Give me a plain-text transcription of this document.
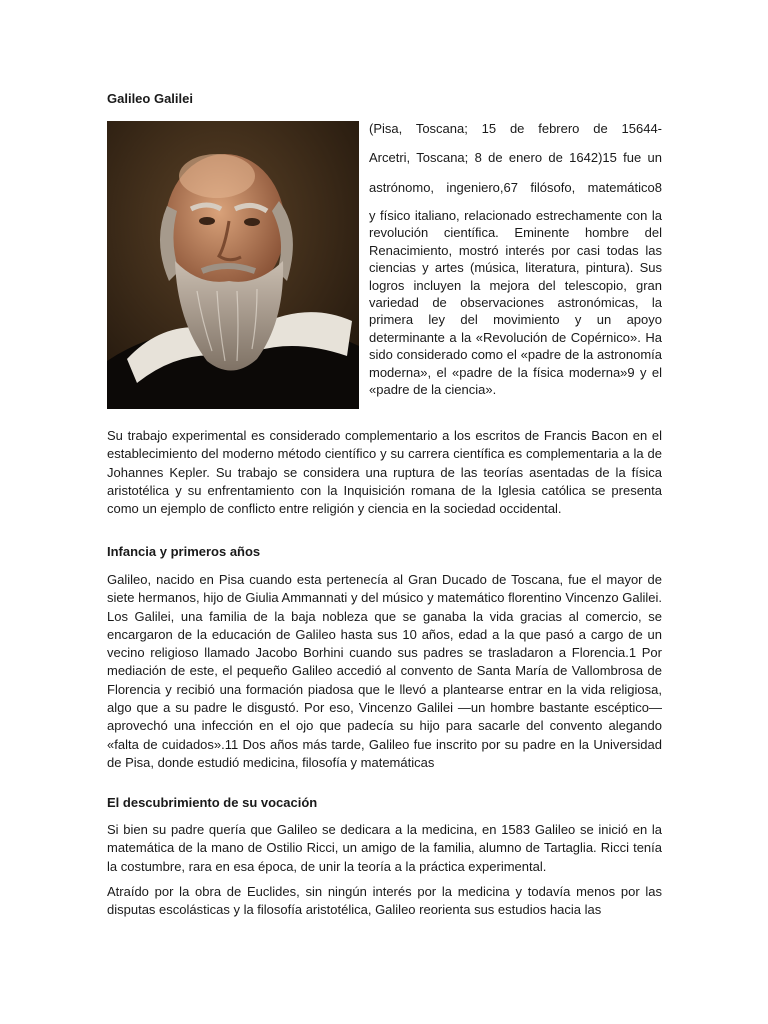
Galileo Galilei

(Pisa, Toscana; 15 de febrero de 15644-

Arcetri, Toscana; 8 de enero de 1642)15 fue un

astrónomo, ingeniero,67 filósofo, matemático8

y físico italiano, relacionado estrechamente con la revolución científica. Eminente hombre del Renacimiento, mostró interés por casi todas las ciencias y artes (música, literatura, pintura). Sus logros incluyen la mejora del telescopio, gran variedad de observaciones astronómicas, la primera ley del movimiento y un apoyo determinante a la «Revolución de Copérnico». Ha sido considerado como el «padre de la astronomía moderna», el «padre de la física moderna»9 y el «padre de la ciencia».

Su trabajo experimental es considerado complementario a los escritos de Francis Bacon en el establecimiento del moderno método científico y su carrera científica es complementaria a la de Johannes Kepler. Su trabajo se considera una ruptura de las teorías asentadas de la física aristotélica y su enfrentamiento con la Inquisición romana de la Iglesia católica se presenta como un ejemplo de conflicto entre religión y ciencia en la sociedad occidental.

Infancia y primeros años

Galileo, nacido en Pisa cuando esta pertenecía al Gran Ducado de Toscana, fue el mayor de siete hermanos, hijo de Giulia Ammannati y del músico y matemático florentino Vincenzo Galilei. Los Galilei, una familia de la baja nobleza que se ganaba la vida gracias al comercio, se encargaron de la educación de Galileo hasta sus 10 años, edad a la que pasó a cargo de un vecino religioso llamado Jacobo Borhini cuando sus padres se trasladaron a Florencia.1 Por mediación de este, el pequeño Galileo accedió al convento de Santa María de Vallombrosa de Florencia y recibió una formación piadosa que le llevó a plantearse entrar en la vida religiosa, algo que a su padre le disgustó. Por eso, Vincenzo Galilei —un hombre bastante escéptico— aprovechó una infección en el ojo que padecía su hijo para sacarle del convento alegando «falta de cuidados».11 Dos años más tarde, Galileo fue inscrito por su padre en la Universidad de Pisa, donde estudió medicina, filosofía y matemáticas

El descubrimiento de su vocación

Si bien su padre quería que Galileo se dedicara a la medicina, en 1583 Galileo se inició en la matemática de la mano de Ostilio Ricci, un amigo de la familia, alumno de Tartaglia. Ricci tenía la costumbre, rara en esa época, de unir la teoría a la práctica experimental.

Atraído por la obra de Euclides, sin ningún interés por la medicina y todavía menos por las disputas escolásticas y la filosofía aristotélica, Galileo reorienta sus estudios hacia las
